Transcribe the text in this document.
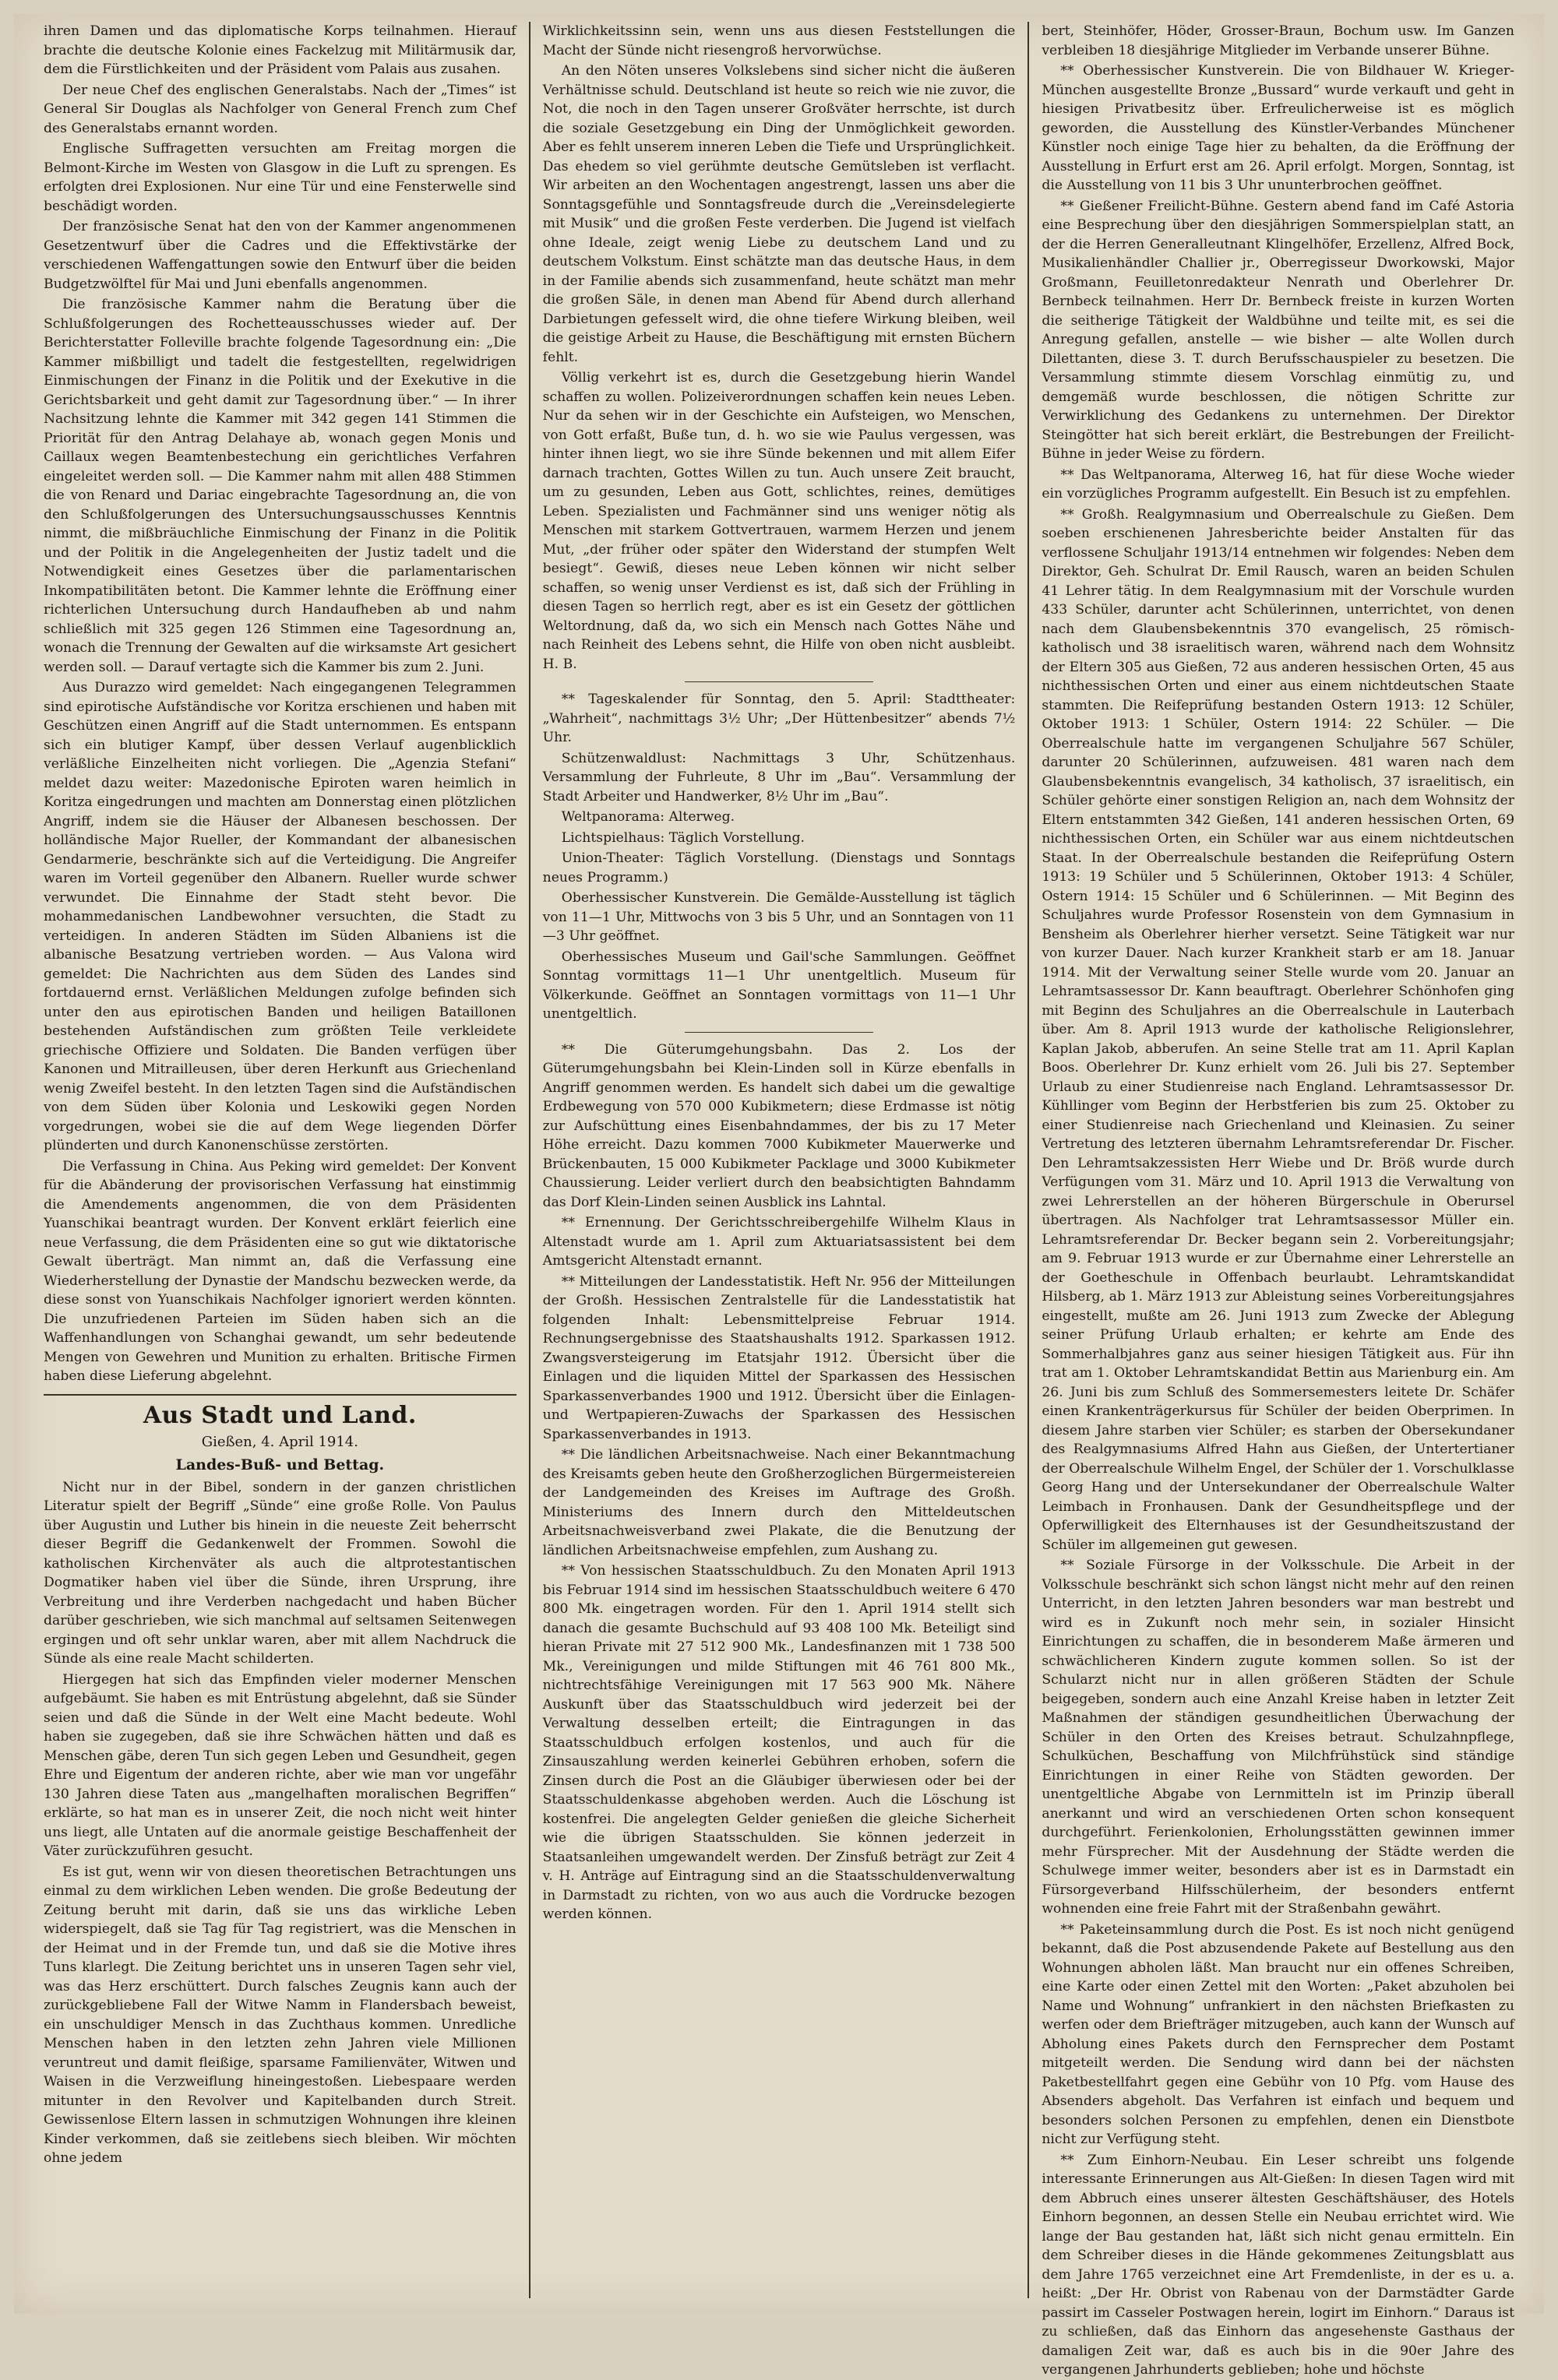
ihren Damen und das diplomatische Korps teilnahmen. Hierauf brachte die deutsche Kolonie eines Fackelzug mit Militärmusik dar, dem die Fürstlichkeiten und der Präsident vom Palais aus zusahen.

Der neue Chef des englischen Generalstabs. Nach der „Times“ ist General Sir Douglas als Nachfolger von General French zum Chef des Generalstabs ernannt worden.

Englische Suffragetten versuchten am Freitag morgen die Belmont-Kirche im Westen von Glasgow in die Luft zu sprengen. Es erfolgten drei Explosionen. Nur eine Tür und eine Fensterwelle sind beschädigt worden.

Der französische Senat hat den von der Kammer angenommenen Gesetzentwurf über die Cadres und die Effektivstärke der verschiedenen Waffengattungen sowie den Entwurf über die beiden Budgetzwölftel für Mai und Juni ebenfalls angenommen.

Die französische Kammer nahm die Beratung über die Schlußfolgerungen des Rochetteausschusses wieder auf. Der Berichterstatter Folleville brachte folgende Tagesordnung ein: „Die Kammer mißbilligt und tadelt die festgestellten, regelwidrigen Einmischungen der Finanz in die Politik und der Exekutive in die Gerichtsbarkeit und geht damit zur Tagesordnung über.“ — In ihrer Nachsitzung lehnte die Kammer mit 342 gegen 141 Stimmen die Priorität für den Antrag Delahaye ab, wonach gegen Monis und Caillaux wegen Beamtenbestechung ein gerichtliches Verfahren eingeleitet werden soll. — Die Kammer nahm mit allen 488 Stimmen die von Renard und Dariac eingebrachte Tagesordnung an, die von den Schlußfolgerungen des Untersuchungsausschusses Kenntnis nimmt, die mißbräuchliche Einmischung der Finanz in die Politik und der Politik in die Angelegenheiten der Justiz tadelt und die Notwendigkeit eines Gesetzes über die parlamentarischen Inkompatibilitäten betont. Die Kammer lehnte die Eröffnung einer richterlichen Untersuchung durch Handaufheben ab und nahm schließlich mit 325 gegen 126 Stimmen eine Tagesordnung an, wonach die Trennung der Gewalten auf die wirksamste Art gesichert werden soll. — Darauf vertagte sich die Kammer bis zum 2. Juni.

Aus Durazzo wird gemeldet: Nach eingegangenen Telegrammen sind epirotische Aufständische vor Koritza erschienen und haben mit Geschützen einen Angriff auf die Stadt unternommen. Es entspann sich ein blutiger Kampf, über dessen Verlauf augenblicklich verläßliche Einzelheiten nicht vorliegen. Die „Agenzia Stefani“ meldet dazu weiter: Mazedonische Epiroten waren heimlich in Koritza eingedrungen und machten am Donnerstag einen plötzlichen Angriff, indem sie die Häuser der Albanesen beschossen. Der holländische Major Rueller, der Kommandant der albanesischen Gendarmerie, beschränkte sich auf die Verteidigung. Die Angreifer waren im Vorteil gegenüber den Albanern. Rueller wurde schwer verwundet. Die Einnahme der Stadt steht bevor. Die mohammedanischen Landbewohner versuchten, die Stadt zu verteidigen. In anderen Städten im Süden Albaniens ist die albanische Besatzung vertrieben worden. — Aus Valona wird gemeldet: Die Nachrichten aus dem Süden des Landes sind fortdauernd ernst. Verläßlichen Meldungen zufolge befinden sich unter den aus epirotischen Banden und heiligen Bataillonen bestehenden Aufständischen zum größten Teile verkleidete griechische Offiziere und Soldaten. Die Banden verfügen über Kanonen und Mitrailleusen, über deren Herkunft aus Griechenland wenig Zweifel besteht. In den letzten Tagen sind die Aufständischen von dem Süden über Kolonia und Leskowiki gegen Norden vorgedrungen, wobei sie die auf dem Wege liegenden Dörfer plünderten und durch Kanonenschüsse zerstörten.

Die Verfassung in China. Aus Peking wird gemeldet: Der Konvent für die Abänderung der provisorischen Verfassung hat einstimmig die Amendements angenommen, die von dem Präsidenten Yuanschikai beantragt wurden. Der Konvent erklärt feierlich eine neue Verfassung, die dem Präsidenten eine so gut wie diktatorische Gewalt überträgt. Man nimmt an, daß die Verfassung eine Wiederherstellung der Dynastie der Mandschu bezwecken werde, da diese sonst von Yuanschikais Nachfolger ignoriert werden könnten. Die unzufriedenen Parteien im Süden haben sich an die Waffenhandlungen von Schanghai gewandt, um sehr bedeutende Mengen von Gewehren und Munition zu erhalten. Britische Firmen haben diese Lieferung abgelehnt.

Aus Stadt und Land.
Gießen, 4. April 1914.
Landes-Buß- und Bettag.

Nicht nur in der Bibel, sondern in der ganzen christlichen Literatur spielt der Begriff „Sünde“ eine große Rolle. Von Paulus über Augustin und Luther bis hinein in die neueste Zeit beherrscht dieser Begriff die Gedankenwelt der Frommen. Sowohl die katholischen Kirchenväter als auch die altprotestantischen Dogmatiker haben viel über die Sünde, ihren Ursprung, ihre Verbreitung und ihre Verderben nachgedacht und haben Bücher darüber geschrieben, wie sich manchmal auf seltsamen Seitenwegen ergingen und oft sehr unklar waren, aber mit allem Nachdruck die Sünde als eine reale Macht schilderten.

Hiergegen hat sich das Empfinden vieler moderner Menschen aufgebäumt. Sie haben es mit Entrüstung abgelehnt, daß sie Sünder seien und daß die Sünde in der Welt eine Macht bedeute. Wohl haben sie zugegeben, daß sie ihre Schwächen hätten und daß es Menschen gäbe, deren Tun sich gegen Leben und Gesundheit, gegen Ehre und Eigentum der anderen richte, aber wie man vor ungefähr 130 Jahren diese Taten aus „mangelhaften moralischen Begriffen“ erklärte, so hat man es in unserer Zeit, die noch nicht weit hinter uns liegt, alle Untaten auf die anormale geistige Beschaffenheit der Väter zurückzuführen gesucht.

Es ist gut, wenn wir von diesen theoretischen Betrachtungen uns einmal zu dem wirklichen Leben wenden. Die große Bedeutung der Zeitung beruht mit darin, daß sie uns das wirkliche Leben widerspiegelt, daß sie Tag für Tag registriert, was die Menschen in der Heimat und in der Fremde tun, und daß sie die Motive ihres Tuns klarlegt. Die Zeitung berichtet uns in unseren Tagen sehr viel, was das Herz erschüttert. Durch falsches Zeugnis kann auch der zurückgebliebene Fall der Witwe Namm in Flandersbach beweist, ein unschuldiger Mensch in das Zuchthaus kommen. Unredliche Menschen haben in den letzten zehn Jahren viele Millionen veruntreut und damit fleißige, sparsame Familienväter, Witwen und Waisen in die Verzweiflung hineingestoßen. Liebespaare werden mitunter in den Revolver und Kapitelbanden durch Streit. Gewissenlose Eltern lassen in schmutzigen Wohnungen ihre kleinen Kinder verkommen, daß sie zeitlebens siech bleiben. Wir möchten ohne jedem

Wirklichkeitssinn sein, wenn uns aus diesen Feststellungen die Macht der Sünde nicht riesengroß hervorwüchse.

An den Nöten unseres Volkslebens sind sicher nicht die äußeren Verhältnisse schuld. Deutschland ist heute so reich wie nie zuvor, die Not, die noch in den Tagen unserer Großväter herrschte, ist durch die soziale Gesetzgebung ein Ding der Unmöglichkeit geworden. Aber es fehlt unserem inneren Leben die Tiefe und Ursprünglichkeit. Das ehedem so viel gerühmte deutsche Gemütsleben ist verflacht. Wir arbeiten an den Wochentagen angestrengt, lassen uns aber die Sonntagsgefühle und Sonntagsfreude durch die „Vereinsdelegierte mit Musik“ und die großen Feste verderben. Die Jugend ist vielfach ohne Ideale, zeigt wenig Liebe zu deutschem Land und zu deutschem Volkstum. Einst schätzte man das deutsche Haus, in dem in der Familie abends sich zusammenfand, heute schätzt man mehr die großen Säle, in denen man Abend für Abend durch allerhand Darbietungen gefesselt wird, die ohne tiefere Wirkung bleiben, weil die geistige Arbeit zu Hause, die Beschäftigung mit ernsten Büchern fehlt.

Völlig verkehrt ist es, durch die Gesetzgebung hierin Wandel schaffen zu wollen. Polizeiverordnungen schaffen kein neues Leben. Nur da sehen wir in der Geschichte ein Aufsteigen, wo Menschen, von Gott erfaßt, Buße tun, d. h. wo sie wie Paulus vergessen, was hinter ihnen liegt, wo sie ihre Sünde bekennen und mit allem Eifer darnach trachten, Gottes Willen zu tun. Auch unsere Zeit braucht, um zu gesunden, Leben aus Gott, schlichtes, reines, demütiges Leben. Spezialisten und Fachmänner sind uns weniger nötig als Menschen mit starkem Gottvertrauen, warmem Herzen und jenem Mut, „der früher oder später den Widerstand der stumpfen Welt besiegt“. Gewiß, dieses neue Leben können wir nicht selber schaffen, so wenig unser Verdienst es ist, daß sich der Frühling in diesen Tagen so herrlich regt, aber es ist ein Gesetz der göttlichen Weltordnung, daß da, wo sich ein Mensch nach Gottes Nähe und nach Reinheit des Lebens sehnt, die Hilfe von oben nicht ausbleibt. H. B.

** Tageskalender für Sonntag, den 5. April: Stadttheater: „Wahrheit“, nachmittags 3½ Uhr; „Der Hüttenbesitzer“ abends 7½ Uhr.

Schützenwaldlust: Nachmittags 3 Uhr, Schützenhaus. Versammlung der Fuhrleute, 8 Uhr im „Bau“. Versammlung der Stadt Arbeiter und Handwerker, 8½ Uhr im „Bau“.

Weltpanorama: Alterweg.

Lichtspielhaus: Täglich Vorstellung.

Union-Theater: Täglich Vorstellung. (Dienstags und Sonntags neues Programm.)

Oberhessischer Kunstverein. Die Gemälde-Ausstellung ist täglich von 11—1 Uhr, Mittwochs von 3 bis 5 Uhr, und an Sonntagen von 11—3 Uhr geöffnet.

Oberhessisches Museum und Gail'sche Sammlungen. Geöffnet Sonntag vormittags 11—1 Uhr unentgeltlich. Museum für Völkerkunde. Geöffnet an Sonntagen vormittags von 11—1 Uhr unentgeltlich.

** Die Güterumgehungsbahn. Das 2. Los der Güterumgehungsbahn bei Klein-Linden soll in Kürze ebenfalls in Angriff genommen werden. Es handelt sich dabei um die gewaltige Erdbewegung von 570 000 Kubikmetern; diese Erdmasse ist nötig zur Aufschüttung eines Eisenbahndammes, der bis zu 17 Meter Höhe erreicht. Dazu kommen 7000 Kubikmeter Mauerwerke und Brückenbauten, 15 000 Kubikmeter Packlage und 3000 Kubikmeter Chaussierung. Leider verliert durch den beabsichtigten Bahndamm das Dorf Klein-Linden seinen Ausblick ins Lahntal.

** Ernennung. Der Gerichtsschreibergehilfe Wilhelm Klaus in Altenstadt wurde am 1. April zum Aktuariatsassistent bei dem Amtsgericht Altenstadt ernannt.

** Mitteilungen der Landesstatistik. Heft Nr. 956 der Mitteilungen der Großh. Hessischen Zentralstelle für die Landesstatistik hat folgenden Inhalt: Lebensmittelpreise Februar 1914. Rechnungsergebnisse des Staatshaushalts 1912. Sparkassen 1912. Zwangsversteigerung im Etatsjahr 1912. Übersicht über die Einlagen und die liquiden Mittel der Sparkassen des Hessischen Sparkassenverbandes 1900 und 1912. Übersicht über die Einlagen- und Wertpapieren-Zuwachs der Sparkassen des Hessischen Sparkassenverbandes in 1913.

** Die ländlichen Arbeitsnachweise. Nach einer Bekanntmachung des Kreisamts geben heute den Großherzoglichen Bürgermeistereien der Landgemeinden des Kreises im Auftrage des Großh. Ministeriums des Innern durch den Mitteldeutschen Arbeitsnachweisverband zwei Plakate, die die Benutzung der ländlichen Arbeitsnachweise empfehlen, zum Aushang zu.

** Von hessischen Staatsschuldbuch. Zu den Monaten April 1913 bis Februar 1914 sind im hessischen Staatsschuldbuch weitere 6 470 800 Mk. eingetragen worden. Für den 1. April 1914 stellt sich danach die gesamte Buchschuld auf 93 408 100 Mk. Beteiligt sind hieran Private mit 27 512 900 Mk., Landesfinanzen mit 1 738 500 Mk., Vereinigungen und milde Stiftungen mit 46 761 800 Mk., nichtrechtsfähige Vereinigungen mit 17 563 900 Mk. Nähere Auskunft über das Staatsschuldbuch wird jederzeit bei der Verwaltung desselben erteilt; die Eintragungen in das Staatsschuldbuch erfolgen kostenlos, und auch für die Zinsauszahlung werden keinerlei Gebühren erhoben, sofern die Zinsen durch die Post an die Gläubiger überwiesen oder bei der Staatsschuldenkasse abgehoben werden. Auch die Löschung ist kostenfrei. Die angelegten Gelder genießen die gleiche Sicherheit wie die übrigen Staatsschulden. Sie können jederzeit in Staatsanleihen umgewandelt werden. Der Zinsfuß beträgt zur Zeit 4 v. H. Anträge auf Eintragung sind an die Staatsschuldenverwaltung in Darmstadt zu richten, von wo aus auch die Vordrucke bezogen werden können.

bert, Steinhöfer, Höder, Grosser-Braun, Bochum usw. Im Ganzen verbleiben 18 diesjährige Mitglieder im Verbande unserer Bühne.

** Oberhessischer Kunstverein. Die von Bildhauer W. Krieger-München ausgestellte Bronze „Bussard“ wurde verkauft und geht in hiesigen Privatbesitz über. Erfreulicherweise ist es möglich geworden, die Ausstellung des Künstler-Verbandes Münchener Künstler noch einige Tage hier zu behalten, da die Eröffnung der Ausstellung in Erfurt erst am 26. April erfolgt. Morgen, Sonntag, ist die Ausstellung von 11 bis 3 Uhr ununterbrochen geöffnet.

** Gießener Freilicht-Bühne. Gestern abend fand im Café Astoria eine Besprechung über den diesjährigen Sommerspielplan statt, an der die Herren Generalleutnant Klingelhöfer, Erzellenz, Alfred Bock, Musikalienhändler Challier jr., Oberregisseur Dworkowski, Major Großmann, Feuilletonredakteur Nenrath und Oberlehrer Dr. Bernbeck teilnahmen. Herr Dr. Bernbeck freiste in kurzen Worten die seitherige Tätigkeit der Waldbühne und teilte mit, es sei die Anregung gefallen, anstelle — wie bisher — alte Wollen durch Dilettanten, diese 3. T. durch Berufsschauspieler zu besetzen. Die Versammlung stimmte diesem Vorschlag einmütig zu, und demgemäß wurde beschlossen, die nötigen Schritte zur Verwirklichung des Gedankens zu unternehmen. Der Direktor Steingötter hat sich bereit erklärt, die Bestrebungen der Freilicht-Bühne in jeder Weise zu fördern.

** Das Weltpanorama, Alterweg 16, hat für diese Woche wieder ein vorzügliches Programm aufgestellt. Ein Besuch ist zu empfehlen.

** Großh. Realgymnasium und Oberrealschule zu Gießen. Dem soeben erschienenen Jahresberichte beider Anstalten für das verflossene Schuljahr 1913/14 entnehmen wir folgendes: Neben dem Direktor, Geh. Schulrat Dr. Emil Rausch, waren an beiden Schulen 41 Lehrer tätig. In dem Realgymnasium mit der Vorschule wurden 433 Schüler, darunter acht Schülerinnen, unterrichtet, von denen nach dem Glaubensbekenntnis 370 evangelisch, 25 römisch-katholisch und 38 israelitisch waren, während nach dem Wohnsitz der Eltern 305 aus Gießen, 72 aus anderen hessischen Orten, 45 aus nichthessischen Orten und einer aus einem nichtdeutschen Staate stammten. Die Reifeprüfung bestanden Ostern 1913: 12 Schüler, Oktober 1913: 1 Schüler, Ostern 1914: 22 Schüler. — Die Oberrealschule hatte im vergangenen Schuljahre 567 Schüler, darunter 20 Schülerinnen, aufzuweisen. 481 waren nach dem Glaubensbekenntnis evangelisch, 34 katholisch, 37 israelitisch, ein Schüler gehörte einer sonstigen Religion an, nach dem Wohnsitz der Eltern entstammten 342 Gießen, 141 anderen hessischen Orten, 69 nichthessischen Orten, ein Schüler war aus einem nichtdeutschen Staat. In der Oberrealschule bestanden die Reifeprüfung Ostern 1913: 19 Schüler und 5 Schülerinnen, Oktober 1913: 4 Schüler, Ostern 1914: 15 Schüler und 6 Schülerinnen. — Mit Beginn des Schuljahres wurde Professor Rosenstein von dem Gymnasium in Bensheim als Oberlehrer hierher versetzt. Seine Tätigkeit war nur von kurzer Dauer. Nach kurzer Krankheit starb er am 18. Januar 1914. Mit der Verwaltung seiner Stelle wurde vom 20. Januar an Lehramtsassessor Dr. Kann beauftragt. Oberlehrer Schönhofen ging mit Beginn des Schuljahres an die Oberrealschule in Lauterbach über. Am 8. April 1913 wurde der katholische Religionslehrer, Kaplan Jakob, abberufen. An seine Stelle trat am 11. April Kaplan Boos. Oberlehrer Dr. Kunz erhielt vom 26. Juli bis 27. September Urlaub zu einer Studienreise nach England. Lehramtsassessor Dr. Kühllinger vom Beginn der Herbstferien bis zum 25. Oktober zu einer Studienreise nach Griechenland und Kleinasien. Zu seiner Vertretung des letzteren übernahm Lehramtsreferendar Dr. Fischer. Den Lehramtsakzessisten Herr Wiebe und Dr. Bröß wurde durch Verfügungen vom 31. März und 10. April 1913 die Verwaltung von zwei Lehrerstellen an der höheren Bürgerschule in Oberursel übertragen. Als Nachfolger trat Lehramtsassessor Müller ein. Lehramtsreferendar Dr. Becker begann sein 2. Vorbereitungsjahr; am 9. Februar 1913 wurde er zur Übernahme einer Lehrerstelle an der Goetheschule in Offenbach beurlaubt. Lehramtskandidat Hilsberg, ab 1. März 1913 zur Ableistung seines Vorbereitungsjahres eingestellt, mußte am 26. Juni 1913 zum Zwecke der Ablegung seiner Prüfung Urlaub erhalten; er kehrte am Ende des Sommerhalbjahres ganz aus seiner hiesigen Tätigkeit aus. Für ihn trat am 1. Oktober Lehramtskandidat Bettin aus Marienburg ein. Am 26. Juni bis zum Schluß des Sommersemesters leitete Dr. Schäfer einen Krankenträgerkursus für Schüler der beiden Oberprimen. In diesem Jahre starben vier Schüler; es starben der Obersekundaner des Realgymnasiums Alfred Hahn aus Gießen, der Untertertianer der Oberrealschule Wilhelm Engel, der Schüler der 1. Vorschulklasse Georg Hang und der Untersekundaner der Oberrealschule Walter Leimbach in Fronhausen. Dank der Gesundheitspflege und der Opferwilligkeit des Elternhauses ist der Gesundheitszustand der Schüler im allgemeinen gut gewesen.

** Soziale Fürsorge in der Volksschule. Die Arbeit in der Volksschule beschränkt sich schon längst nicht mehr auf den reinen Unterricht, in den letzten Jahren besonders war man bestrebt und wird es in Zukunft noch mehr sein, in sozialer Hinsicht Einrichtungen zu schaffen, die in besonderem Maße ärmeren und schwächlicheren Kindern zugute kommen sollen. So ist der Schularzt nicht nur in allen größeren Städten der Schule beigegeben, sondern auch eine Anzahl Kreise haben in letzter Zeit Maßnahmen der ständigen gesundheitlichen Überwachung der Schüler in den Orten des Kreises betraut. Schulzahnpflege, Schulküchen, Beschaffung von Milchfrühstück sind ständige Einrichtungen in einer Reihe von Städten geworden. Der unentgeltliche Abgabe von Lernmitteln ist im Prinzip überall anerkannt und wird an verschiedenen Orten schon konsequent durchgeführt. Ferienkolonien, Erholungsstätten gewinnen immer mehr Fürsprecher. Mit der Ausdehnung der Städte werden die Schulwege immer weiter, besonders aber ist es in Darmstadt ein Fürsorgeverband Hilfsschülerheim, der besonders entfernt wohnenden eine freie Fahrt mit der Straßenbahn gewährt.

** Paketeinsammlung durch die Post. Es ist noch nicht genügend bekannt, daß die Post abzusendende Pakete auf Bestellung aus den Wohnungen abholen läßt. Man braucht nur ein offenes Schreiben, eine Karte oder einen Zettel mit den Worten: „Paket abzuholen bei Name und Wohnung“ unfrankiert in den nächsten Briefkasten zu werfen oder dem Briefträger mitzugeben, auch kann der Wunsch auf Abholung eines Pakets durch den Fernsprecher dem Postamt mitgeteilt werden. Die Sendung wird dann bei der nächsten Paketbestellfahrt gegen eine Gebühr von 10 Pfg. vom Hause des Absenders abgeholt. Das Verfahren ist einfach und bequem und besonders solchen Personen zu empfehlen, denen ein Dienstbote nicht zur Verfügung steht.

** Zum Einhorn-Neubau. Ein Leser schreibt uns folgende interessante Erinnerungen aus Alt-Gießen: In diesen Tagen wird mit dem Abbruch eines unserer ältesten Geschäftshäuser, des Hotels Einhorn begonnen, an dessen Stelle ein Neubau errichtet wird. Wie lange der Bau gestanden hat, läßt sich nicht genau ermitteln. Ein dem Schreiber dieses in die Hände gekommenes Zeitungsblatt aus dem Jahre 1765 verzeichnet eine Art Fremdenliste, in der es u. a. heißt: „Der Hr. Obrist von Rabenau von der Darmstädter Garde passirt im Casseler Postwagen herein, logirt im Einhorn.“ Daraus ist zu schließen, daß das Einhorn das angesehenste Gasthaus der damaligen Zeit war, daß es auch bis in die 90er Jahre des vergangenen Jahrhunderts geblieben; hohe und höchste
